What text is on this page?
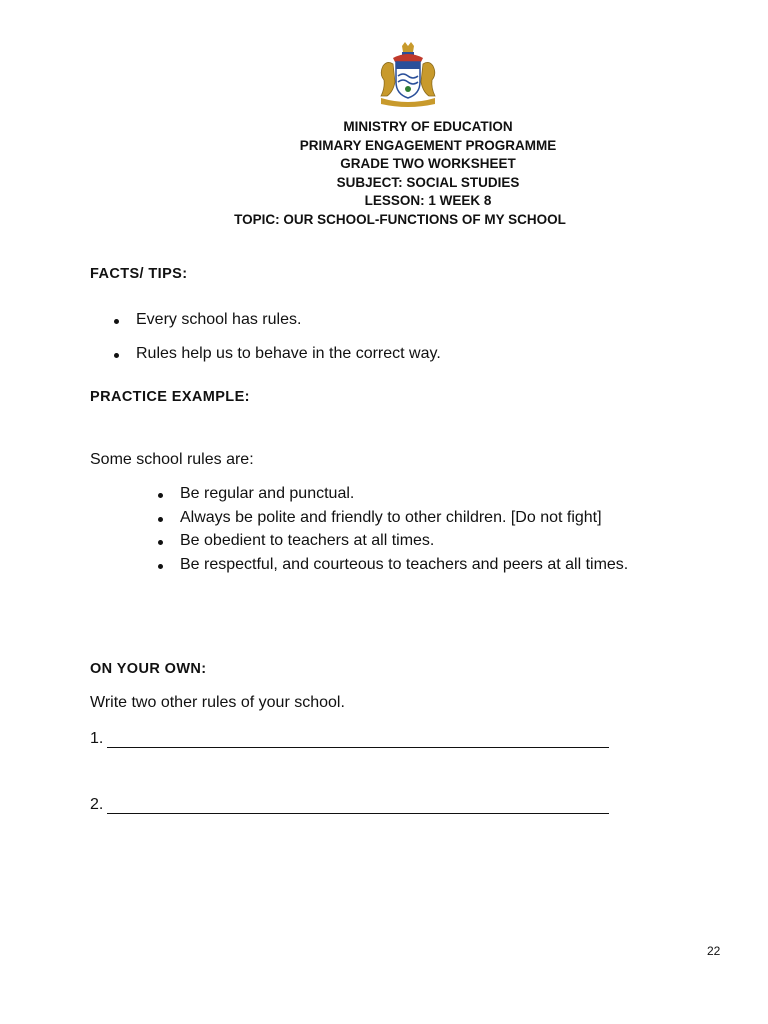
MINISTRY OF EDUCATION
PRIMARY ENGAGEMENT PROGRAMME
GRADE TWO WORKSHEET
SUBJECT: SOCIAL STUDIES
LESSON: 1 WEEK 8
TOPIC: OUR SCHOOL-FUNCTIONS OF MY SCHOOL
FACTS/ TIPS:
Every school has rules.
Rules help us to behave in the correct way.
PRACTICE EXAMPLE:
Some school rules are:
Be regular and punctual.
Always be polite and friendly to other children. [Do not fight]
Be obedient to teachers at all times.
Be respectful, and courteous to teachers and peers at all times.
ON YOUR OWN:
Write two other rules of your school.
1.
2.
22
